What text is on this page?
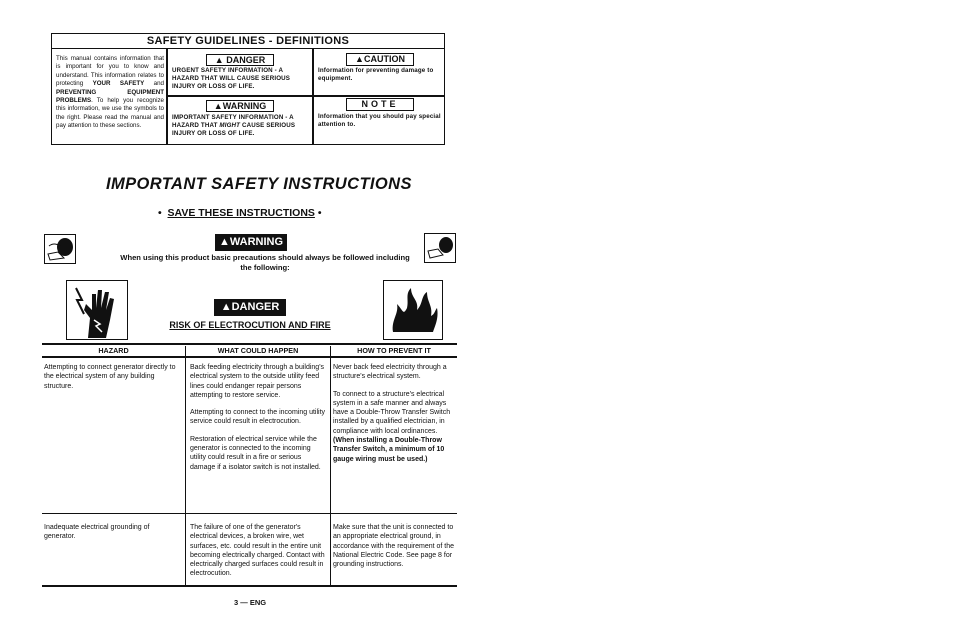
SAFETY GUIDELINES - DEFINITIONS
This manual contains information that is important for you to know and understand. This information relates to protecting YOUR SAFETY and PREVENTING EQUIPMENT PROBLEMS. To help you recognize this information, we use the symbols to the right. Please read the manual and pay attention to these sections.
▲ DANGER
URGENT SAFETY INFORMATION - A HAZARD THAT WILL CAUSE SERIOUS INJURY OR LOSS OF LIFE.
▲CAUTION
Information for preventing damage to equipment.
▲WARNING
IMPORTANT SAFETY INFORMATION - A HAZARD THAT MIGHT CAUSE SERIOUS INJURY OR LOSS OF LIFE.
NOTE
Information that you should pay special attention to.
IMPORTANT SAFETY INSTRUCTIONS
•  SAVE THESE INSTRUCTIONS •
▲WARNING
When using this product basic precautions should always be followed including the following:
▲DANGER
RISK OF ELECTROCUTION AND FIRE
HAZARD	WHAT COULD HAPPEN	HOW TO PREVENT IT
Attempting to connect generator directly to the electrical system of any building structure.

Back feeding electricity through a building's electrical system to the outside utility feed lines could endanger repair persons attempting to restore service.

Attempting to connect to the incoming utility service could result in electrocution.

Restoration of electrical service while the generator is connected to the incoming utility could result in a fire or serious damage if a isolator switch is not installed.

Never back feed electricity through a structure's electrical system.

To connect to a structure's electrical system in a safe manner and always have a Double-Throw Transfer Switch installed by a qualified electrician, in compliance with local ordinances.

(When installing a Double-Throw Transfer Switch, a minimum of 10 gauge wiring must be used.)
Inadequate electrical grounding of generator.
The failure of one of the generator's electrical devices, a broken wire, wet surfaces, etc. could result in the entire unit becoming electrically charged. Contact with electrically charged surfaces could result in electrocution.
Make sure that the unit is connected to an appropriate electrical ground, in accordance with the requirement of the National Electric Code. See page 8 for grounding instructions.
3 — ENG
